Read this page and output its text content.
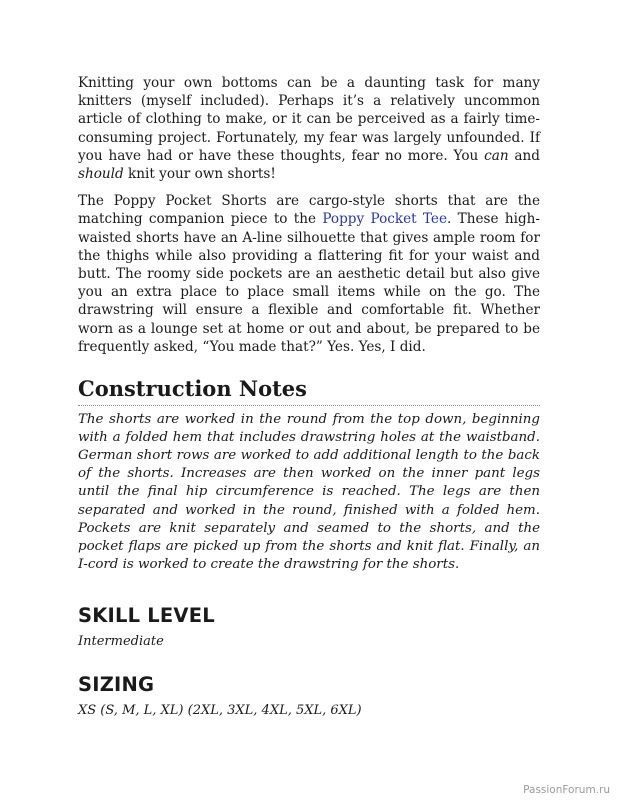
Knitting your own bottoms can be a daunting task for many knitters (myself included). Perhaps it’s a relatively uncommon article of clothing to make, or it can be perceived as a fairly time-consuming project. Fortunately, my fear was largely unfounded. If you have had or have these thoughts, fear no more. You can and should knit your own shorts!

The Poppy Pocket Shorts are cargo-style shorts that are the matching companion piece to the Poppy Pocket Tee. These high-waisted shorts have an A-line silhouette that gives ample room for the thighs while also providing a flattering fit for your waist and butt. The roomy side pockets are an aesthetic detail but also give you an extra place to place small items while on the go. The drawstring will ensure a flexible and comfortable fit. Whether worn as a lounge set at home or out and about, be prepared to be frequently asked, “You made that?” Yes. Yes, I did.

Construction Notes

The shorts are worked in the round from the top down, beginning with a folded hem that includes drawstring holes at the waistband. German short rows are worked to add additional length to the back of the shorts. Increases are then worked on the inner pant legs until the final hip circumference is reached. The legs are then separated and worked in the round, finished with a folded hem. Pockets are knit separately and seamed to the shorts, and the pocket flaps are picked up from the shorts and knit flat. Finally, an I-cord is worked to create the drawstring for the shorts.

SKILL LEVEL

Intermediate

SIZING

XS (S, M, L, XL) (2XL, 3XL, 4XL, 5XL, 6XL)

PassionForum.ru
